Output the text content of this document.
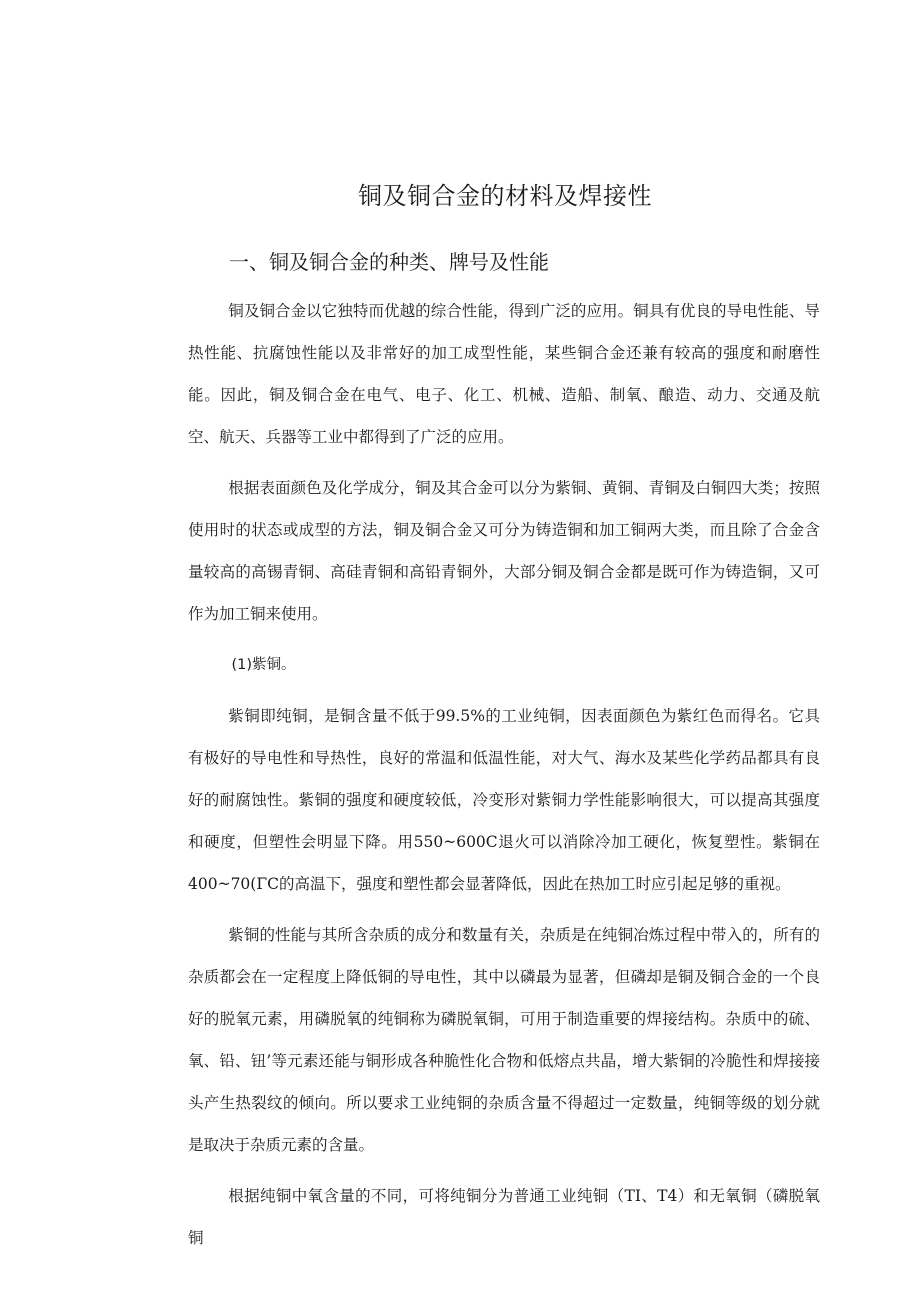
铜及铜合金的材料及焊接性
一、铜及铜合金的种类、牌号及性能

铜及铜合金以它独特而优越的综合性能，得到广泛的应用。铜具有优良的导电性能、导热性能、抗腐蚀性能以及非常好的加工成型性能，某些铜合金还兼有较高的强度和耐磨性能。因此，铜及铜合金在电气、电子、化工、机械、造船、制氧、酿造、动力、交通及航空、航天、兵器等工业中都得到了广泛的应用。

根据表面颜色及化学成分，铜及其合金可以分为紫铜、黄铜、青铜及白铜四大类；按照使用时的状态或成型的方法，铜及铜合金又可分为铸造铜和加工铜两大类，而且除了合金含量较高的高锡青铜、高硅青铜和高铅青铜外，大部分铜及铜合金都是既可作为铸造铜，又可作为加工铜来使用。

(1)紫铜。

紫铜即纯铜，是铜含量不低于99.5%的工业纯铜，因表面颜色为紫红色而得名。它具有极好的导电性和导热性，良好的常温和低温性能，对大气、海水及某些化学药品都具有良好的耐腐蚀性。紫铜的强度和硬度较低，冷变形对紫铜力学性能影响很大，可以提高其强度和硬度，但塑性会明显下降。用550~600C退火可以消除冷加工硬化，恢复塑性。紫铜在400~70(ΓC的高温下，强度和塑性都会显著降低，因此在热加工时应引起足够的重视。

紫铜的性能与其所含杂质的成分和数量有关，杂质是在纯铜冶炼过程中带入的，所有的杂质都会在一定程度上降低铜的导电性，其中以磷最为显著，但磷却是铜及铜合金的一个良好的脱氧元素，用磷脱氧的纯铜称为磷脱氧铜，可用于制造重要的焊接结构。杂质中的硫、氧、铅、钮’等元素还能与铜形成各种脆性化合物和低熔点共晶，增大紫铜的冷脆性和焊接接头产生热裂纹的倾向。所以要求工业纯铜的杂质含量不得超过一定数量，纯铜等级的划分就是取决于杂质元素的含量。

根据纯铜中氧含量的不同，可将纯铜分为普通工业纯铜（TI、T4）和无氧铜（磷脱氧铜
